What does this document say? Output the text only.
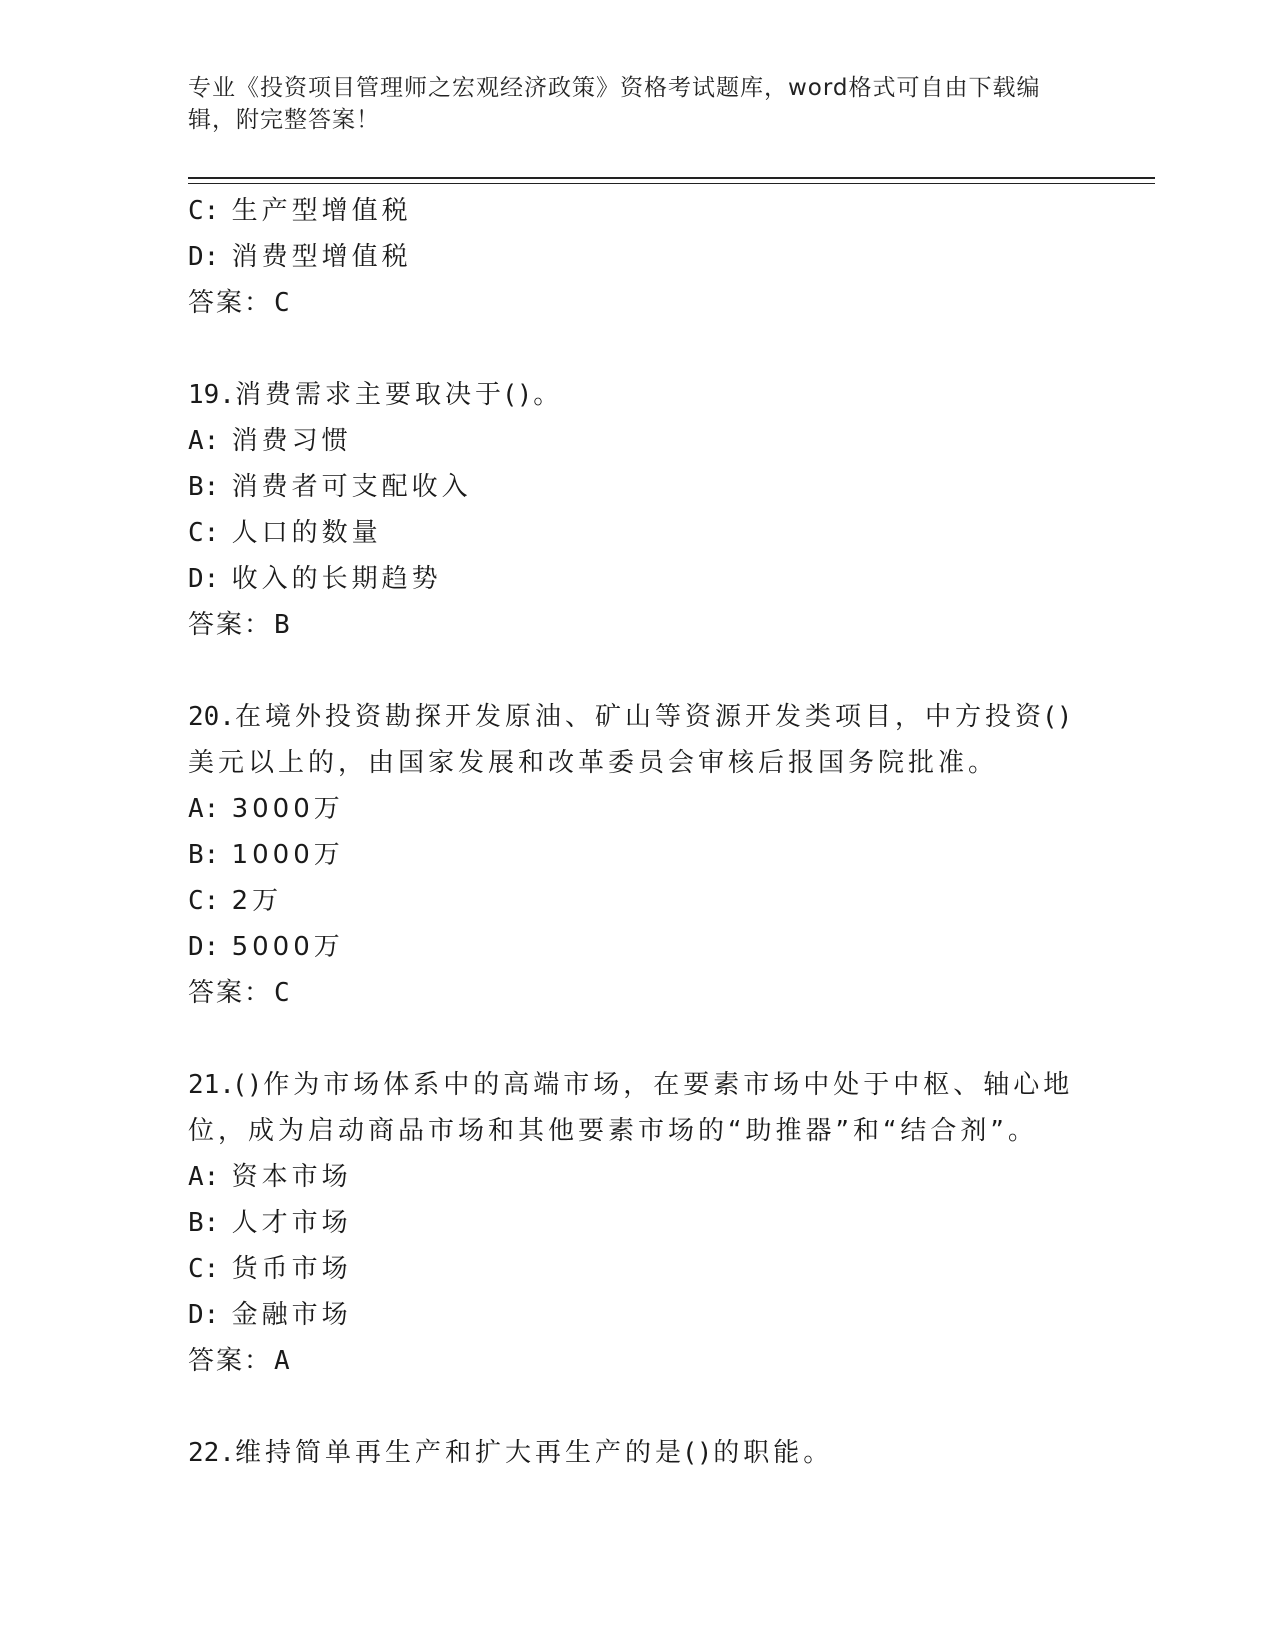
专业《投资项目管理师之宏观经济政策》资格考试题库，word格式可自由下载编辑，附完整答案！
C: 生产型增值税
D: 消费型增值税
答案：C
19.消费需求主要取决于()。
A: 消费习惯
B: 消费者可支配收入
C: 人口的数量
D: 收入的长期趋势
答案：B
20.在境外投资勘探开发原油、矿山等资源开发类项目，中方投资()美元以上的，由国家发展和改革委员会审核后报国务院批准。
A: 3000万
B: 1000万
C: 2万
D: 5000万
答案：C
21.()作为市场体系中的高端市场，在要素市场中处于中枢、轴心地位，成为启动商品市场和其他要素市场的“助推器”和“结合剂”。
A: 资本市场
B: 人才市场
C: 货币市场
D: 金融市场
答案：A
22.维持简单再生产和扩大再生产的是()的职能。
